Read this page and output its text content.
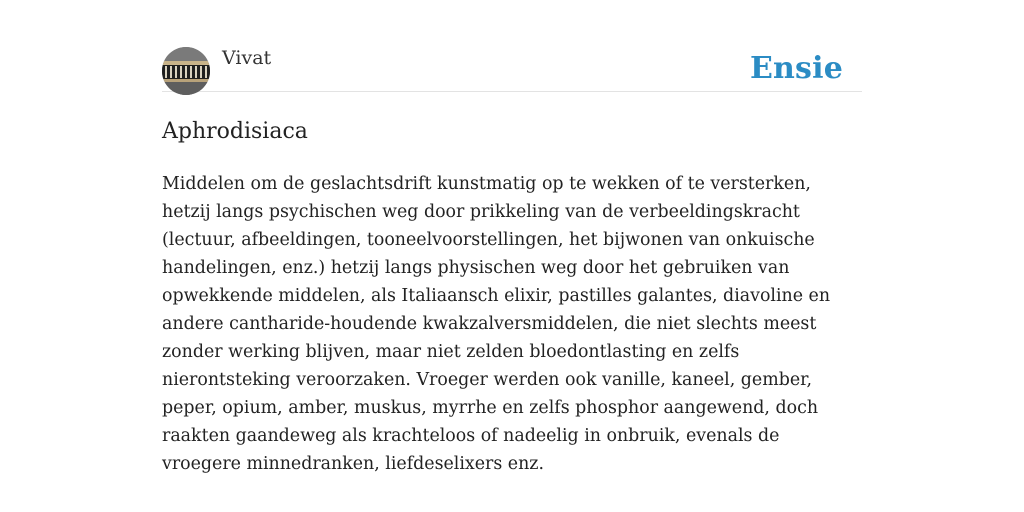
Vivat	Ensie
Aphrodisiaca

Middelen om de geslachtsdrift kunstmatig op te wekken of te versterken, hetzij langs psychischen weg door prikkeling van de verbeeldingskracht (lectuur, afbeeldingen, tooneelvoorstellingen, het bijwonen van onkuische handelingen, enz.) hetzij langs physischen weg door het gebruiken van opwekkende middelen, als Italiaansch elixir, pastilles galantes, diavoline en andere cantharide-houdende kwakzalversmiddelen, die niet slechts meest zonder werking blijven, maar niet zelden bloedontlasting en zelfs nierontsteking veroorzaken. Vroeger werden ook vanille, kaneel, gember, peper, opium, amber, muskus, myrrhe en zelfs phosphor aangewend, doch raakten gaandeweg als krachteloos of nadeelig in onbruik, evenals de vroegere minnedranken, liefdeselixers enz.
